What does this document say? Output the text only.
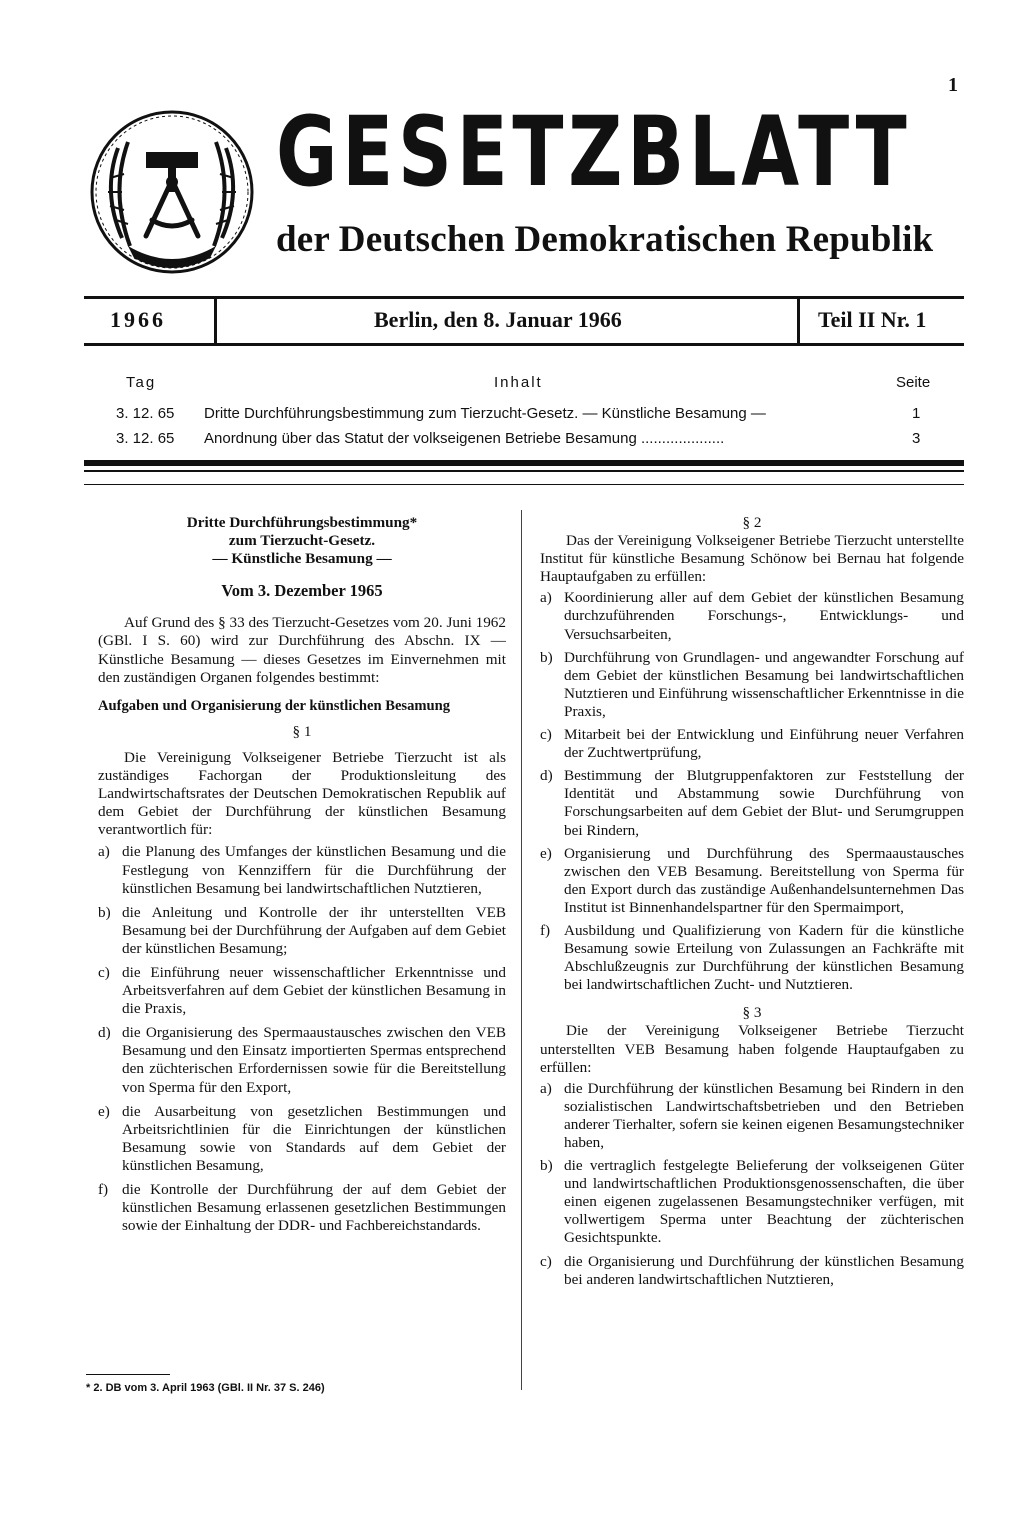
1
GESETZBLATT
der Deutschen Demokratischen Republik
1966	Berlin, den 8. Januar 1966	Teil II Nr. 1
Tag	Inhalt	Seite
3. 12. 65 Dritte Durchführungsbestimmung zum Tierzucht-Gesetz. — Künstliche Besamung —	1
3. 12. 65 Anordnung über das Statut der volkseigenen Betriebe Besamung ....................	3

Dritte Durchführungsbestimmung*

zum Tierzucht-Gesetz.

— Künstliche Besamung —

Vom 3. Dezember 1965

Auf Grund des § 33 des Tierzucht-Gesetzes vom 20. Juni 1962 (GBl. I S. 60) wird zur Durchführung des Abschn. IX — Künstliche Besamung — dieses Gesetzes im Einvernehmen mit den zuständigen Organen folgendes bestimmt:

Aufgaben und Organisierung der künstlichen Besamung

§ 1

Die Vereinigung Volkseigener Betriebe Tierzucht ist als zuständiges Fachorgan der Produktionsleitung des Landwirtschaftsrates der Deutschen Demokratischen Republik auf dem Gebiet der Durchführung der künstlichen Besamung verantwortlich für:

a) die Planung des Umfanges der künstlichen Besamung und die Festlegung von Kennziffern für die Durchführung der künstlichen Besamung bei landwirtschaftlichen Nutztieren,
b) die Anleitung und Kontrolle der ihr unterstellten VEB Besamung bei der Durchführung der Aufgaben auf dem Gebiet der künstlichen Besamung;
c) die Einführung neuer wissenschaftlicher Erkenntnisse und Arbeitsverfahren auf dem Gebiet der künstlichen Besamung in die Praxis,
d) die Organisierung des Spermaaustausches zwischen den VEB Besamung und den Einsatz importierten Spermas entsprechend den züchterischen Erfordernissen sowie für die Bereitstellung von Sperma für den Export,
e) die Ausarbeitung von gesetzlichen Bestimmungen und Arbeitsrichtlinien für die Einrichtungen der künstlichen Besamung sowie von Standards auf dem Gebiet der künstlichen Besamung,
f) die Kontrolle der Durchführung der auf dem Gebiet der künstlichen Besamung erlassenen gesetzlichen Bestimmungen sowie der Einhaltung der DDR- und Fachbereichstandards.
* 2. DB vom 3. April 1963 (GBl. II Nr. 37 S. 246)

§ 2

Das der Vereinigung Volkseigener Betriebe Tierzucht unterstellte Institut für künstliche Besamung Schönow bei Bernau hat folgende Hauptaufgaben zu erfüllen:

a) Koordinierung aller auf dem Gebiet der künstlichen Besamung durchzuführenden Forschungs-, Entwicklungs- und Versuchsarbeiten,
b) Durchführung von Grundlagen- und angewandter Forschung auf dem Gebiet der künstlichen Besamung bei landwirtschaftlichen Nutztieren und Einführung wissenschaftlicher Erkenntnisse in die Praxis,
c) Mitarbeit bei der Entwicklung und Einführung neuer Verfahren der Zuchtwertprüfung,
d) Bestimmung der Blutgruppenfaktoren zur Feststellung der Identität und Abstammung sowie Durchführung von Forschungsarbeiten auf dem Gebiet der Blut- und Serumgruppen bei Rindern,
e) Organisierung und Durchführung des Spermaaustausches zwischen den VEB Besamung. Bereitstellung von Sperma für den Export durch das zuständige Außenhandelsunternehmen Das Institut ist Binnenhandelspartner für den Spermaimport,
f) Ausbildung und Qualifizierung von Kadern für die künstliche Besamung sowie Erteilung von Zulassungen an Fachkräfte mit Abschlußzeugnis zur Durchführung der künstlichen Besamung bei landwirtschaftlichen Zucht- und Nutztieren.

§ 3

Die der Vereinigung Volkseigener Betriebe Tierzucht unterstellten VEB Besamung haben folgende Hauptaufgaben zu erfüllen:

a) die Durchführung der künstlichen Besamung bei Rindern in den sozialistischen Landwirtschaftsbetrieben und den Betrieben anderer Tierhalter, sofern sie keinen eigenen Besamungstechniker haben,
b) die vertraglich festgelegte Belieferung der volkseigenen Güter und landwirtschaftlichen Produktionsgenossenschaften, die über einen eigenen zugelassenen Besamungstechniker verfügen, mit vollwertigem Sperma unter Beachtung der züchterischen Gesichtspunkte.
c) die Organisierung und Durchführung der künstlichen Besamung bei anderen landwirtschaftlichen Nutztieren,
